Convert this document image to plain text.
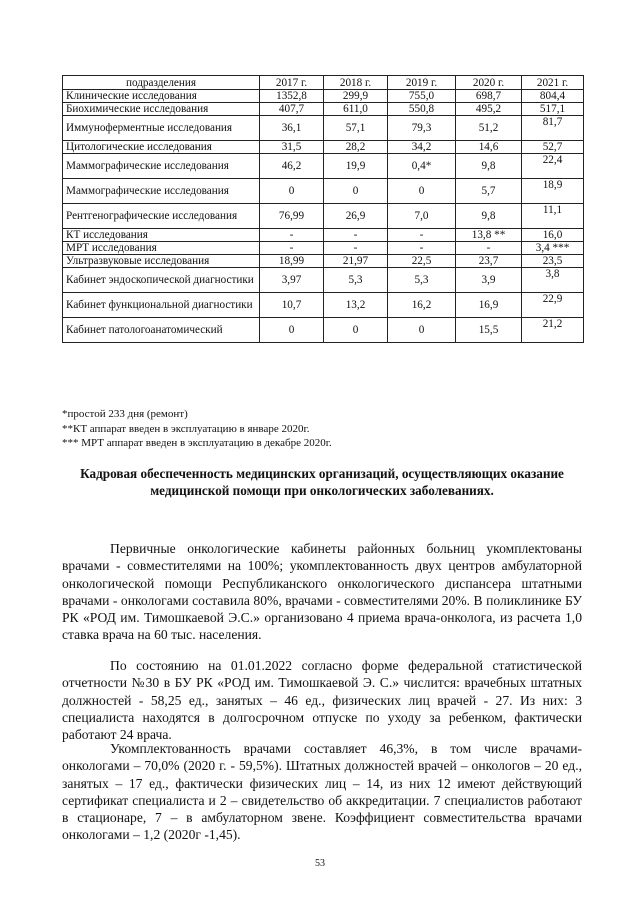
подразделения	2017 г.	2018 г.	2019 г.	2020 г.	2021 г.
Клинические исследования	1352,8	299,9	755,0	698,7	804,4
Биохимические исследования	407,7	611,0	550,8	495,2	517,1
Иммуноферментные исследования	36,1	57,1	79,3	51,2	81,7
Цитологические исследования	31,5	28,2	34,2	14,6	52,7
Маммографические исследования	46,2	19,9	0,4*	9,8	22,4
Маммографические исследования	0	0	0	5,7	18,9
Рентгенографические исследования	76,99	26,9	7,0	9,8	11,1
КТ исследования	-	-	-	13,8 **	16,0
МРТ исследования	-	-	-	-	3,4 ***
Ультразвуковые исследования	18,99	21,97	22,5	23,7	23,5
Кабинет эндоскопической диагностики	3,97	5,3	5,3	3,9	3,8
Кабинет функциональной диагностики	10,7	13,2	16,2	16,9	22,9
Кабинет патологоанатомический	0	0	0	15,5	21,2
*простой 233 дня (ремонт)
**КТ аппарат введен в эксплуатацию в январе 2020г.
*** МРТ аппарат введен в эксплуатацию в декабре 2020г.
Кадровая обеспеченность медицинских организаций, осуществляющих оказание медицинской помощи при онкологических заболеваниях.

Первичные онкологические кабинеты районных больниц укомплектованы врачами - совместителями на 100%; укомплектованность двух центров амбулаторной онкологической помощи Республиканского онкологического диспансера штатными врачами - онкологами составила 80%, врачами - совместителями 20%. В поликлинике БУ РК «РОД им. Тимошкаевой Э.С.» организовано 4 приема врача-онколога, из расчета 1,0 ставка врача на 60 тыс. населения.

По состоянию на 01.01.2022 согласно форме федеральной статистической отчетности №30 в БУ РК «РОД им. Тимошкаевой Э. С.» числится: врачебных штатных должностей - 58,25 ед., занятых – 46 ед., физических лиц врачей - 27. Из них: 3 специалиста находятся в долгосрочном отпуске по уходу за ребенком, фактически работают 24 врача.

Укомплектованность врачами составляет 46,3%, в том числе врачами-онкологами – 70,0% (2020 г. - 59,5%). Штатных должностей врачей – онкологов – 20 ед., занятых – 17 ед., фактически физических лиц – 14, из них 12 имеют действующий сертификат специалиста и 2 – свидетельство об аккредитации. 7 специалистов работают в стационаре, 7 – в амбулаторном звене. Коэффициент совместительства врачами онкологами – 1,2 (2020г -1,45).

53
